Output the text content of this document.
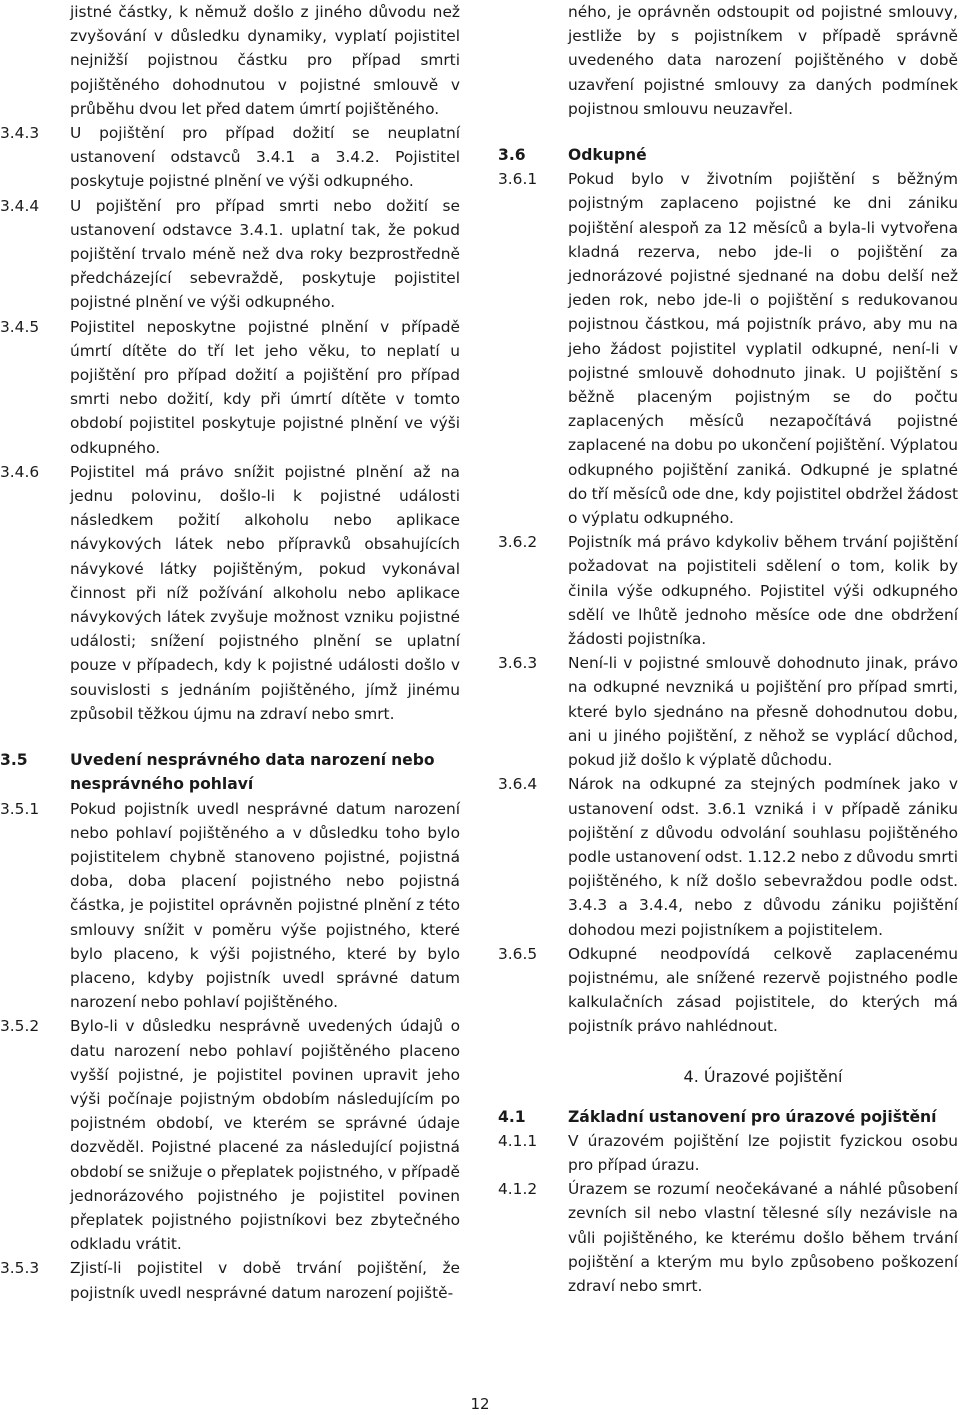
jistné částky, k němuž došlo z jiného důvodu než zvyšování v důsledku dynamiky, vyplatí pojistitel nejnižší pojistnou částku pro případ smrti pojištěného dohodnutou v pojistné smlouvě v průběhu dvou let před datem úmrtí pojištěného.
3.4.3	U pojištění pro případ dožití se neuplatní ustanovení odstavců 3.4.1 a 3.4.2. Pojistitel poskytuje pojistné plnění ve výši odkupného.
3.4.4	U pojištění pro případ smrti nebo dožití se ustanovení odstavce 3.4.1. uplatní tak, že pokud pojištění trvalo méně než dva roky bezprostředně předcházející sebevraždě, poskytuje pojistitel pojistné plnění ve výši odkupného.
3.4.5	Pojistitel neposkytne pojistné plnění v případě úmrtí dítěte do tří let jeho věku, to neplatí u pojištění pro případ dožití a pojištění pro případ smrti nebo dožití, kdy při úmrtí dítěte v tomto období pojistitel poskytuje pojistné plnění ve výši odkupného.
3.4.6	Pojistitel má právo snížit pojistné plnění až na jednu polovinu, došlo-li k pojistné události následkem požití alkoholu nebo aplikace návykových látek nebo přípravků obsahujících návykové látky pojištěným, pokud vykonával činnost při níž požívání alkoholu nebo aplikace návykových látek zvyšuje možnost vzniku pojistné události; snížení pojistného plnění se uplatní pouze v případech, kdy k pojistné události došlo v souvislosti s jednáním pojištěného, jímž jinému způsobil těžkou újmu na zdraví nebo smrt.
3.5	Uvedení nesprávného data narození nebo nesprávného pohlaví
3.5.1	Pokud pojistník uvedl nesprávné datum narození nebo pohlaví pojištěného a v důsledku toho bylo pojistitelem chybně stanoveno pojistné, pojistná doba, doba placení pojistného nebo pojistná částka, je pojistitel oprávněn pojistné plnění z této smlouvy snížit v poměru výše pojistného, které bylo placeno, k výši pojistného, které by bylo placeno, kdyby pojistník uvedl správné datum narození nebo pohlaví pojištěného.
3.5.2	Bylo-li v důsledku nesprávně uvedených údajů o datu narození nebo pohlaví pojištěného placeno vyšší pojistné, je pojistitel povinen upravit jeho výši počínaje pojistným obdobím následujícím po pojistném období, ve kterém se správné údaje dozvěděl. Pojistné placené za následující pojistná období se snižuje o přeplatek pojistného, v případě jednorázového pojistného je pojistitel povinen přeplatek pojistného pojistníkovi bez zbytečného odkladu vrátit.
3.5.3	Zjistí-li pojistitel v době trvání pojištění, že pojistník uvedl nesprávné datum narození pojiště-
ného, je oprávněn odstoupit od pojistné smlouvy, jestliže by s pojistníkem v případě správně uvedeného data narození pojištěného v době uzavření pojistné smlouvy za daných podmínek pojistnou smlouvu neuzavřel.
3.6	Odkupné
3.6.1	Pokud bylo v životním pojištění s běžným pojistným zaplaceno pojistné ke dni zániku pojištění alespoň za 12 měsíců a byla-li vytvořena kladná rezerva, nebo jde-li o pojištění za jednorázové pojistné sjednané na dobu delší než jeden rok, nebo jde-li o pojištění s redukovanou pojistnou částkou, má pojistník právo, aby mu na jeho žádost pojistitel vyplatil odkupné, není-li v pojistné smlouvě dohodnuto jinak. U pojištění s běžně placeným pojistným se do počtu zaplacených měsíců nezapočítává pojistné zaplacené na dobu po ukončení pojištění. Výplatou odkupného pojištění zaniká. Odkupné je splatné do tří měsíců ode dne, kdy pojistitel obdržel žádost o výplatu odkupného.
3.6.2	Pojistník má právo kdykoliv během trvání pojištění požadovat na pojistiteli sdělení o tom, kolik by činila výše odkupného. Pojistitel výši odkupného sdělí ve lhůtě jednoho měsíce ode dne obdržení žádosti pojistníka.
3.6.3	Není-li v pojistné smlouvě dohodnuto jinak, právo na odkupné nevzniká u pojištění pro případ smrti, které bylo sjednáno na přesně dohodnutou dobu, ani u jiného pojištění, z něhož se vyplácí důchod, pokud již došlo k výplatě důchodu.
3.6.4	Nárok na odkupné za stejných podmínek jako v ustanovení odst. 3.6.1 vzniká i v případě zániku pojištění z důvodu odvolání souhlasu pojištěného podle ustanovení odst. 1.12.2 nebo z důvodu smrti pojištěného, k níž došlo sebevraždou podle odst. 3.4.3 a 3.4.4, nebo z důvodu zániku pojištění dohodou mezi pojistníkem a pojistitelem.
3.6.5	Odkupné neodpovídá celkově zaplacenému pojistnému, ale snížené rezervě pojistného podle kalkulačních zásad pojistitele, do kterých má pojistník právo nahlédnout.
4. Úrazové pojištění
4.1	Základní ustanovení pro úrazové pojištění
4.1.1	V úrazovém pojištění lze pojistit fyzickou osobu pro případ úrazu.
4.1.2	Úrazem se rozumí neočekávané a náhlé působení zevních sil nebo vlastní tělesné síly nezávisle na vůli pojištěného, ke kterému došlo během trvání pojištění a kterým mu bylo způsobeno poškození zdraví nebo smrt.
12
